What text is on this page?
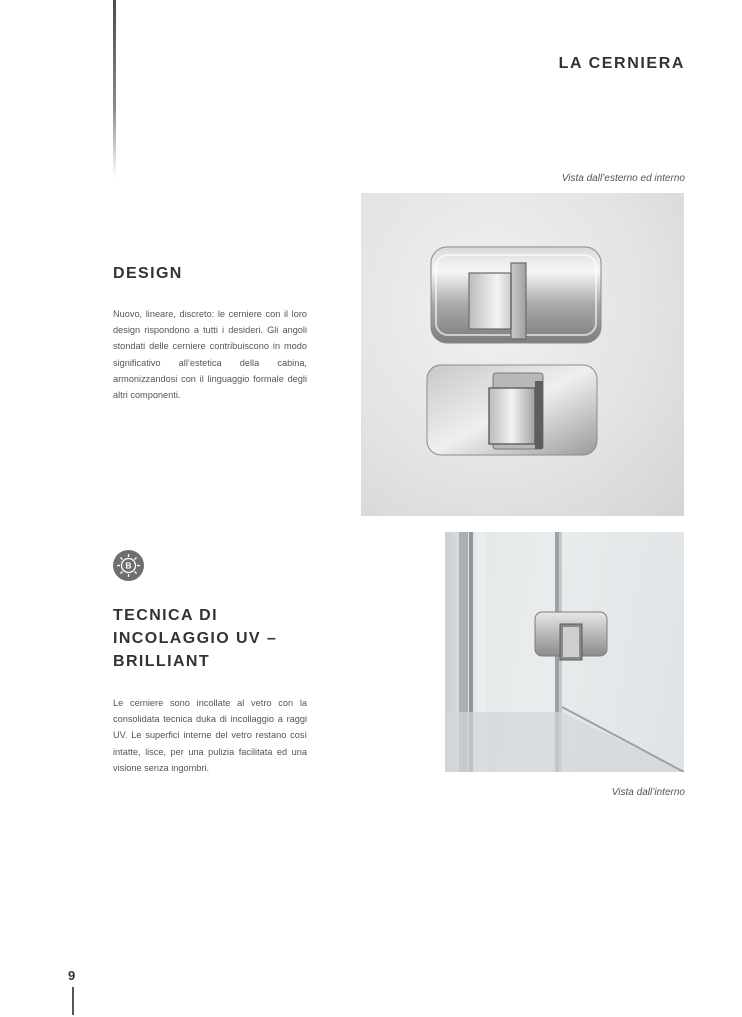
LA CERNIERA
Vista dall’esterno ed interno
DESIGN
Nuovo, lineare, discreto: le cerniere con il loro design rispondono a tutti i desideri. Gli angoli stondati delle cerniere contribuiscono in modo significativo all’estetica della cabina, armonizzandosi con il linguaggio formale degli altri componenti.
B
TECNICA DI INCOLAGGIO UV – BRILLIANT
Le cerniere sono incollate al vetro con la consolidata tecnica duka di incollaggio a raggi UV. Le superfici interne del vetro restano così intatte, lisce, per una pulizia facilitata ed una visione senza ingombri.
Vista dall’interno
9
